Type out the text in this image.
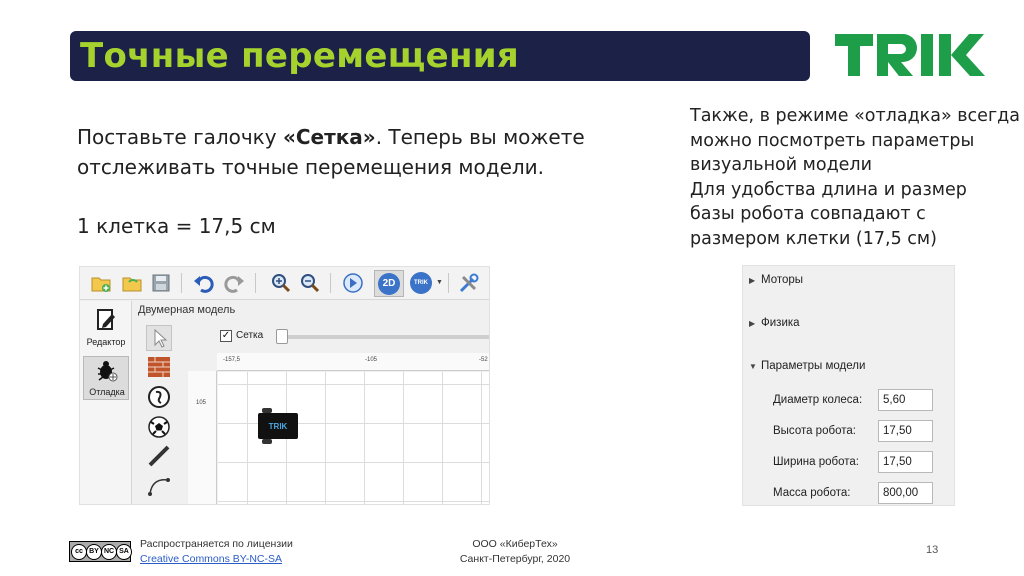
Точные перемещения
TRIK
Поставьте галочку «Сетка». Теперь вы можете
отслеживать точные перемещения модели.
1 клетка = 17,5 см
Также, в режиме «отладка» всегда
можно посмотреть параметры
визуальной модели
Для удобства длина и размер
базы робота совпадают с
размером клетки (17,5 см)
2D	TRIK	▼
Редактор
Отладка
Двумерная модель
✓ Сетка
-157,5	-105	-52
105
TRIK
▶ Моторы
▶ Физика
▼ Параметры модели
Диаметр колеса:	5,60
Высота робота:	17,50
Ширина робота:	17,50
Масса робота:	800,00
cc BY NC SA
Распространяется по лицензии
Creative Commons BY-NC-SA
ООО «КиберТех»
Санкт-Петербург, 2020
13
